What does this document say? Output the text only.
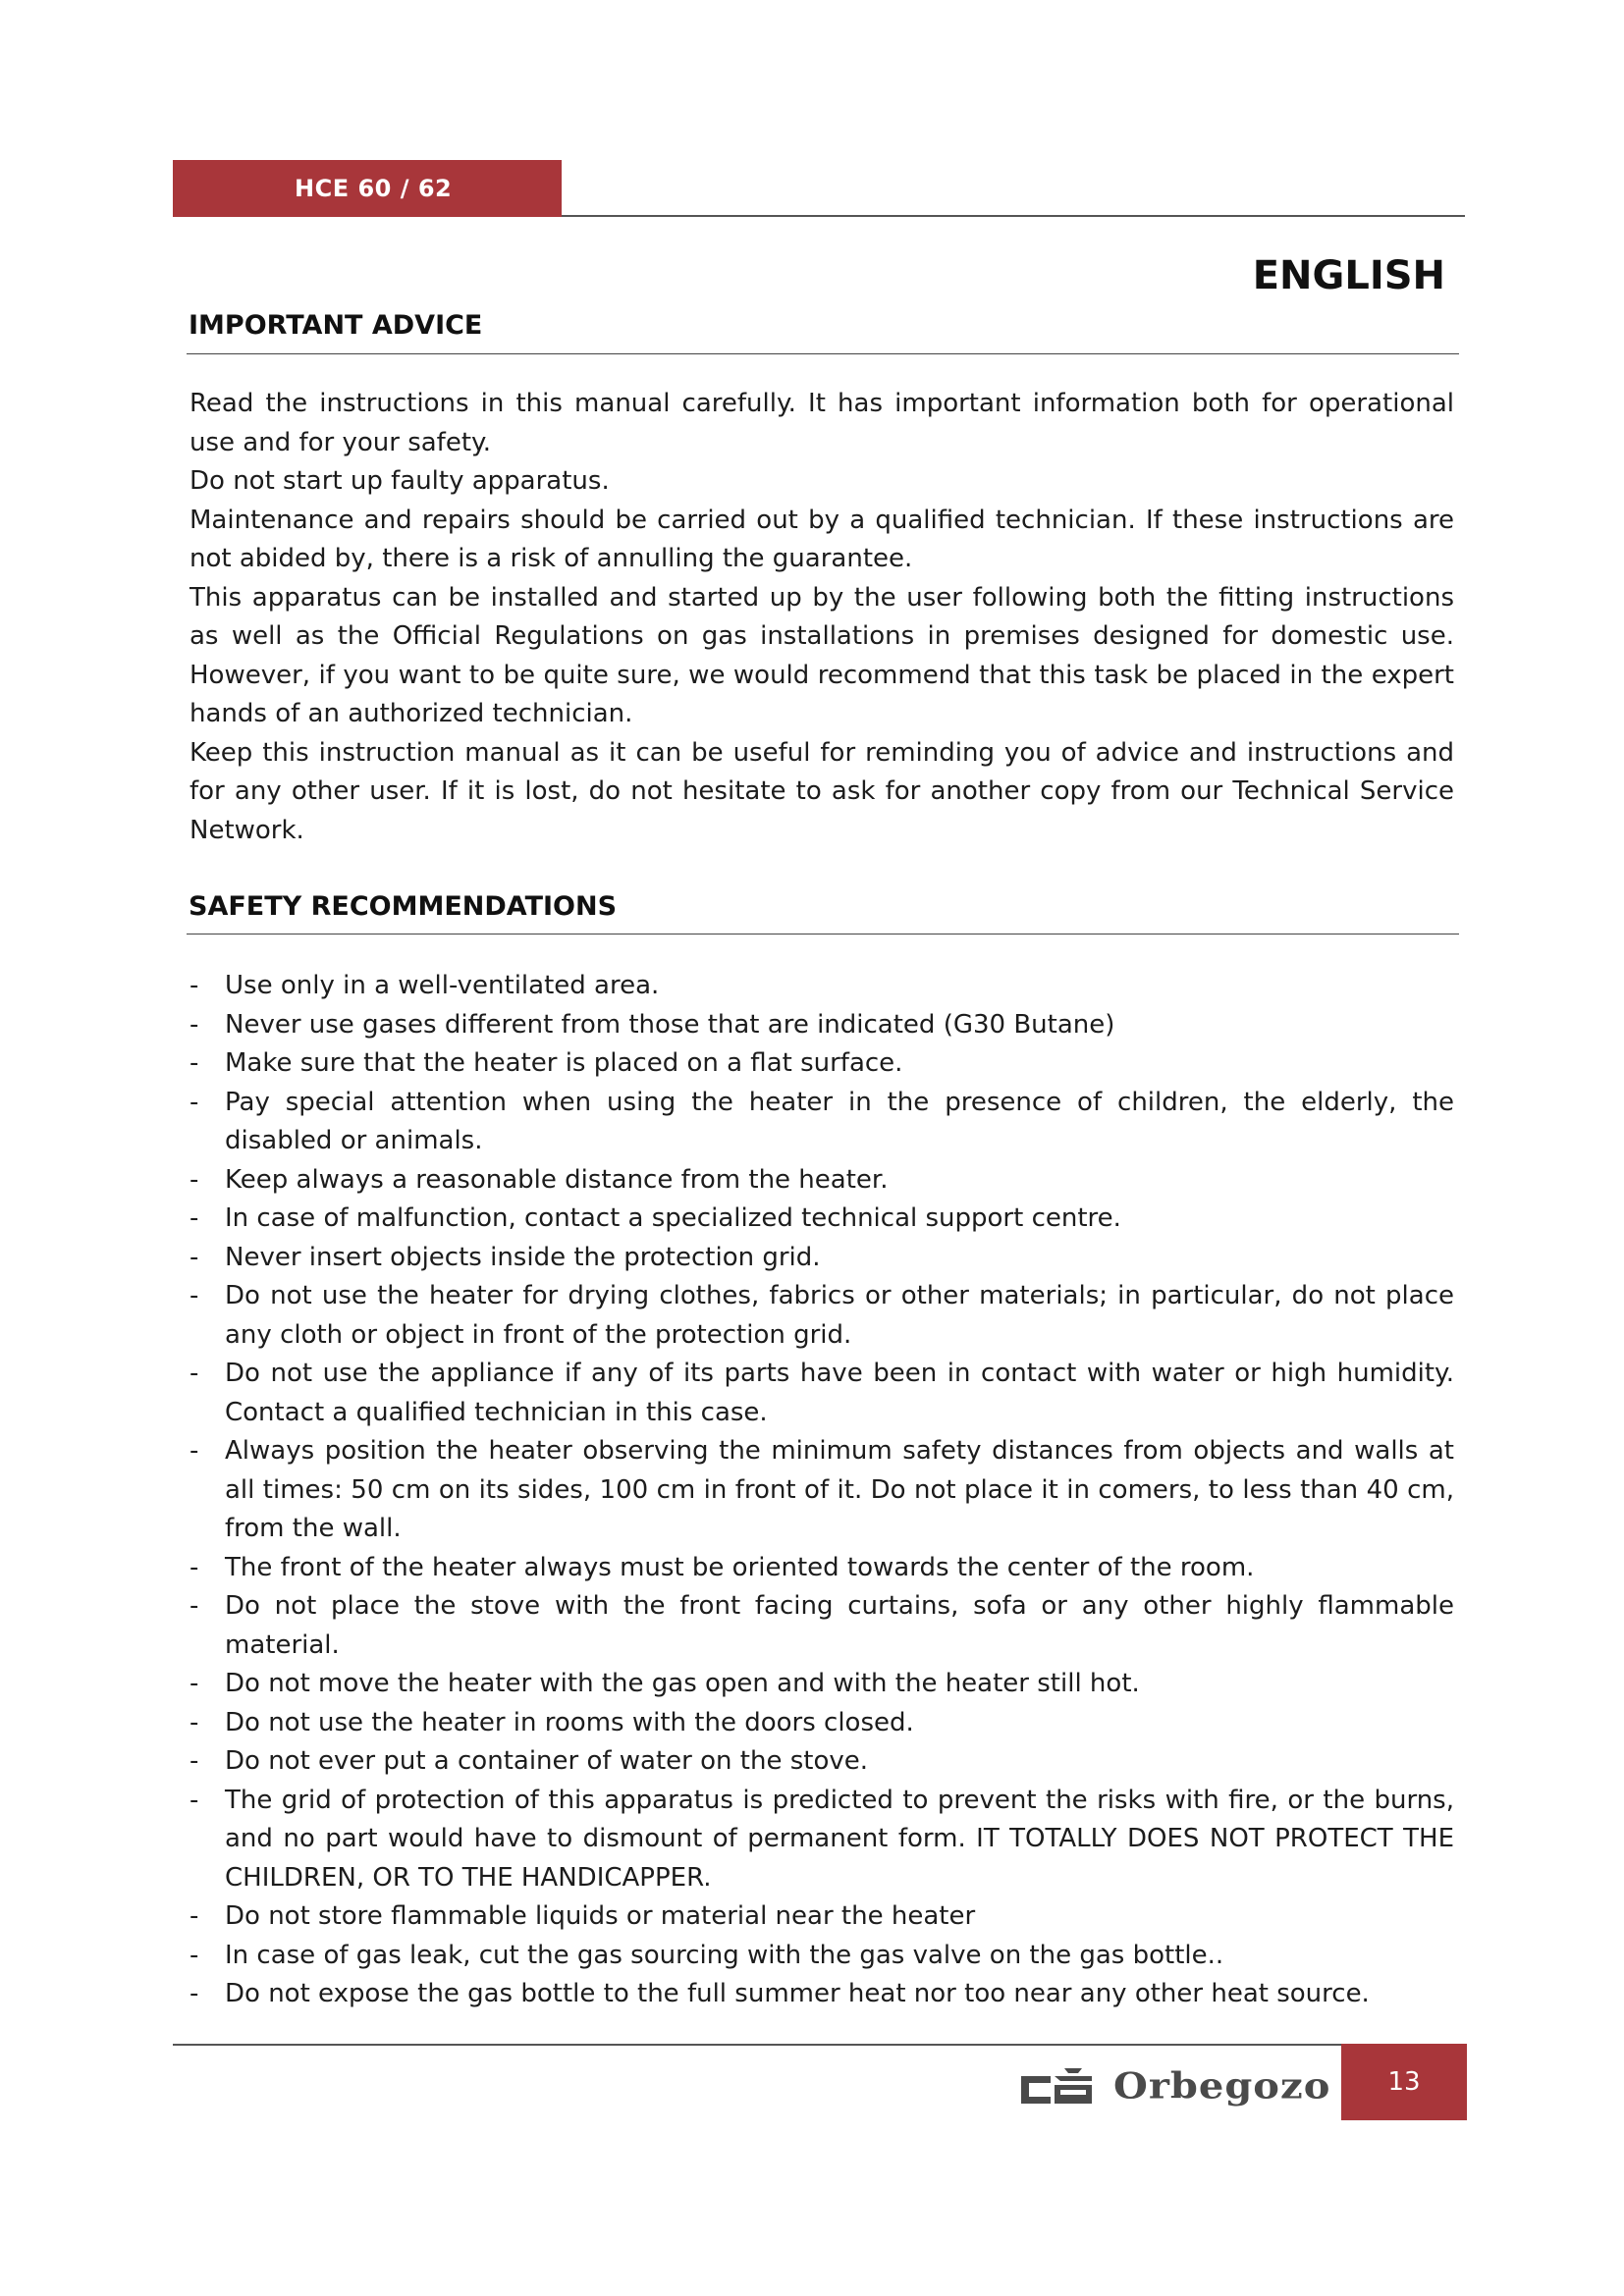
HCE 60 / 62
ENGLISH
IMPORTANT ADVICE

Read the instructions in this manual carefully. It has important information both for operational use and for your safety.

Do not start up faulty apparatus.

Maintenance and repairs should be carried out by a qualified technician. If these instructions are not abided by, there is a risk of annulling the guarantee.

This apparatus can be installed and started up by the user following both the fitting instructions as well as the Official Regulations on gas installations in premises designed for domestic use. However, if you want to be quite sure, we would recommend that this task be placed in the expert hands of an authorized technician.

Keep this instruction manual as it can be useful for reminding you of advice and instructions and for any other user. If it is lost, do not hesitate to ask for another copy from our Technical Service Network.

SAFETY RECOMMENDATIONS
- Use only in a well-ventilated area.
- Never use gases different from those that are indicated (G30 Butane)
- Make sure that the heater is placed on a flat surface.
- Pay special attention when using the heater in the presence of children, the elderly, the disabled or animals.
- Keep always a reasonable distance from the heater.
- In case of malfunction, contact a specialized technical support centre.
- Never insert objects inside the protection grid.
- Do not use the heater for drying clothes, fabrics or other materials; in particular, do not place any cloth or object in front of the protection grid.
- Do not use the appliance if any of its parts have been in contact with water or high humidity. Contact a qualified technician in this case.
- Always position the heater observing the minimum safety distances from objects and walls at all times: 50 cm on its sides, 100 cm in front of it. Do not place it in comers, to less than 40 cm, from the wall.
- The front of the heater always must be oriented towards the center of the room.
- Do not place the stove with the front facing curtains, sofa or any other highly flammable material.
- Do not move the heater with the gas open and with the heater still hot.
- Do not use the heater in rooms with the doors closed.
- Do not ever put a container of water on the stove.
- The grid of protection of this apparatus is predicted to prevent the risks with fire, or the burns, and no part would have to dismount of permanent form. IT TOTALLY DOES NOT PROTECT THE CHILDREN, OR TO THE HANDICAPPER.
- Do not store flammable liquids or material near the heater
- In case of gas leak, cut the gas sourcing with the gas valve on the gas bottle..
- Do not expose the gas bottle to the full summer heat nor too near any other heat source.
Orbegozo 13
